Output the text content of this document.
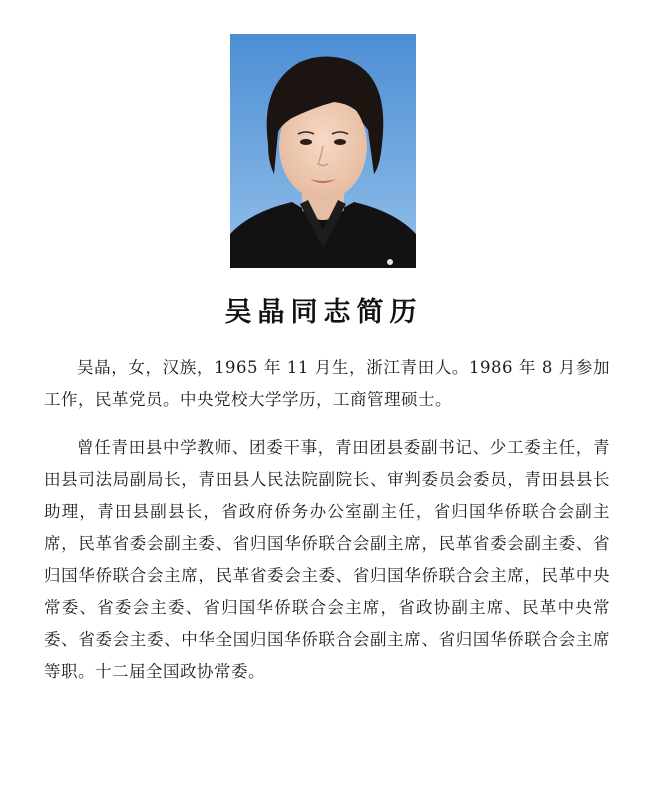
吴晶同志简历

吴晶，女，汉族，1965 年 11 月生，浙江青田人。1986 年 8 月参加工作，民革党员。中央党校大学学历，工商管理硕士。

曾任青田县中学教师、团委干事，青田团县委副书记、少工委主任，青田县司法局副局长，青田县人民法院副院长、审判委员会委员，青田县县长助理，青田县副县长，省政府侨务办公室副主任，省归国华侨联合会副主席，民革省委会副主委、省归国华侨联合会副主席，民革省委会副主委、省归国华侨联合会主席，民革省委会主委、省归国华侨联合会主席，民革中央常委、省委会主委、省归国华侨联合会主席，省政协副主席、民革中央常委、省委会主委、中华全国归国华侨联合会副主席、省归国华侨联合会主席等职。十二届全国政协常委。
